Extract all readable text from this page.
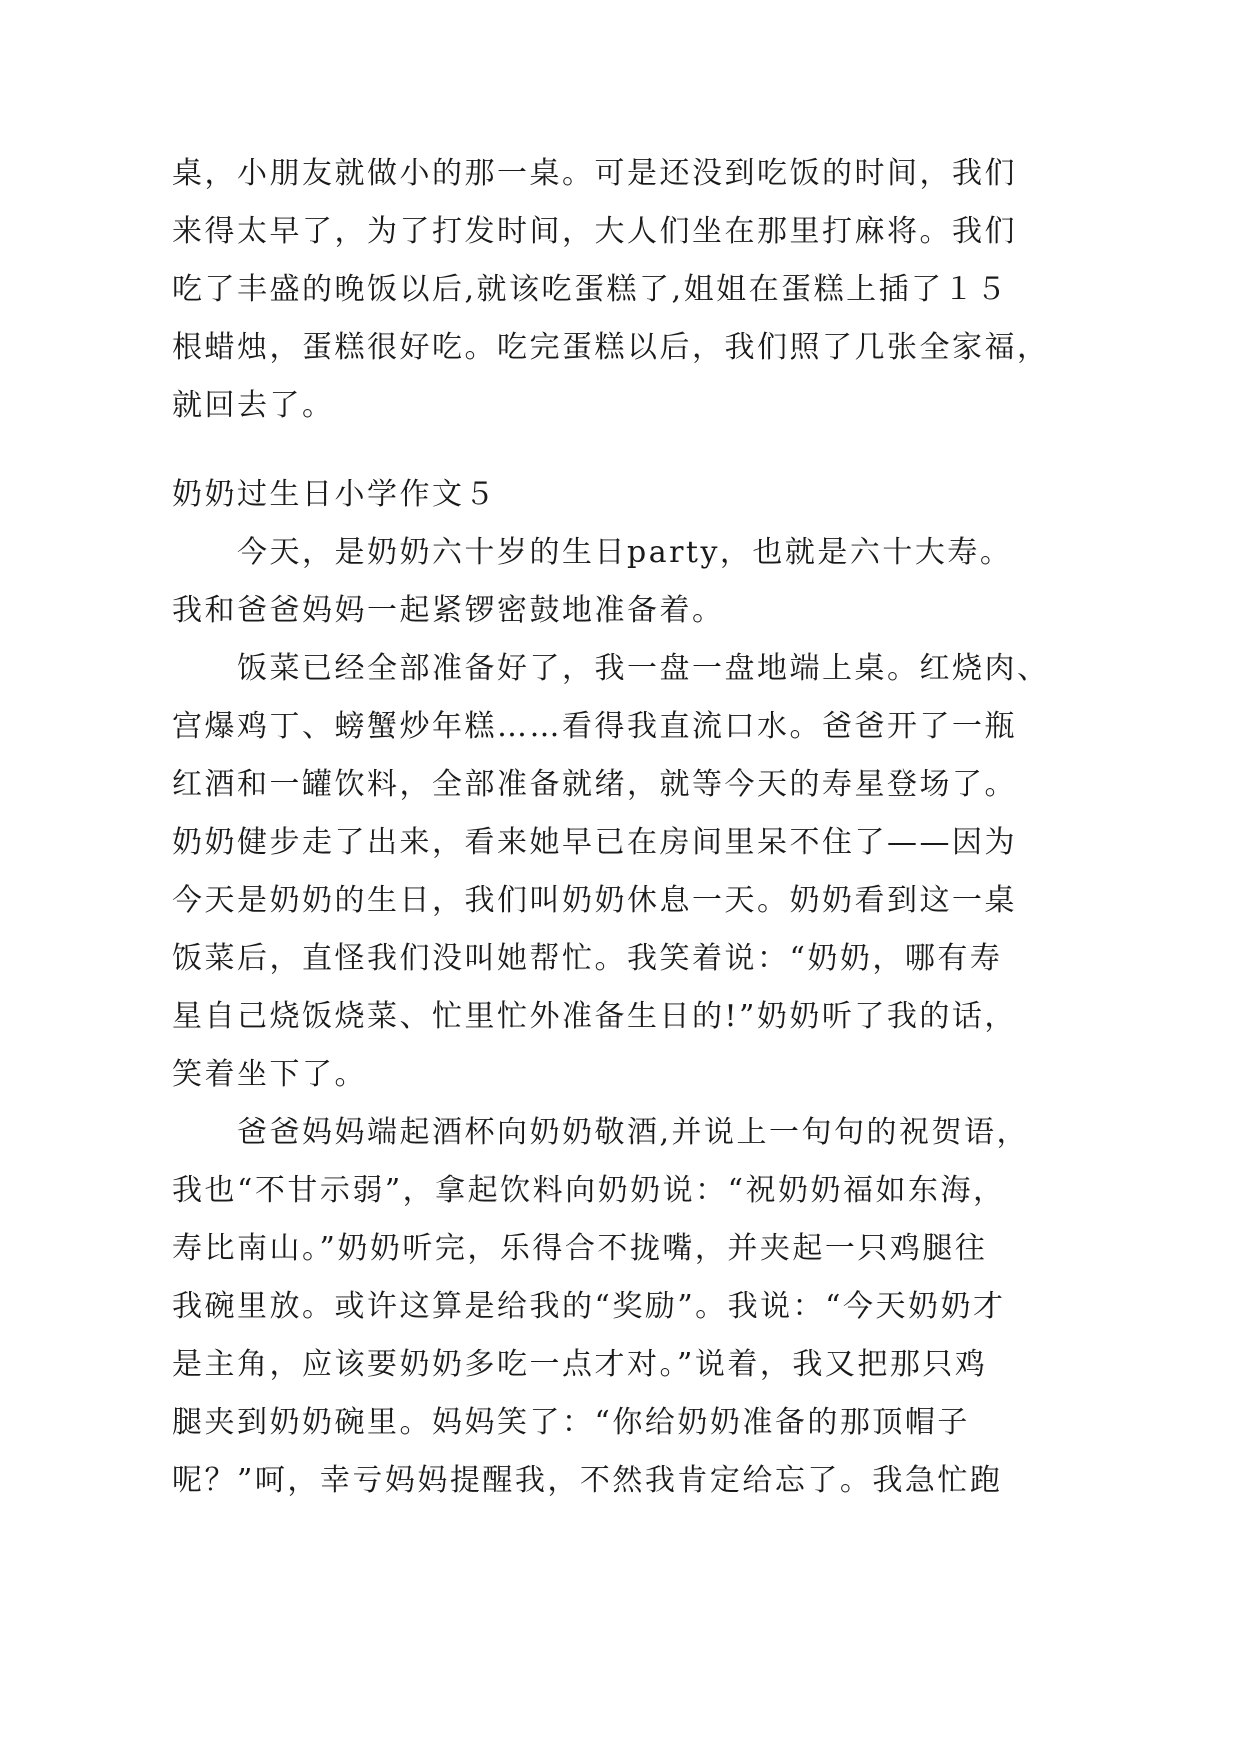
桌，小朋友就做小的那一桌。可是还没到吃饭的时间，我们
来得太早了，为了打发时间，大人们坐在那里打麻将。我们
吃了丰盛的晚饭以后,就该吃蛋糕了,姐姐在蛋糕上插了１５
根蜡烛，蛋糕很好吃。吃完蛋糕以后，我们照了几张全家福，
就回去了。
奶奶过生日小学作文５
　　今天，是奶奶六十岁的生日party，也就是六十大寿。
我和爸爸妈妈一起紧锣密鼓地准备着。
　　饭菜已经全部准备好了，我一盘一盘地端上桌。红烧肉、
宫爆鸡丁、螃蟹炒年糕……看得我直流口水。爸爸开了一瓶
红酒和一罐饮料，全部准备就绪，就等今天的寿星登场了。
奶奶健步走了出来，看来她早已在房间里呆不住了——因为
今天是奶奶的生日，我们叫奶奶休息一天。奶奶看到这一桌
饭菜后，直怪我们没叫她帮忙。我笑着说：“奶奶，哪有寿
星自己烧饭烧菜、忙里忙外准备生日的!”奶奶听了我的话，
笑着坐下了。
　　爸爸妈妈端起酒杯向奶奶敬酒,并说上一句句的祝贺语，
我也“不甘示弱”，拿起饮料向奶奶说：“祝奶奶福如东海，
寿比南山。”奶奶听完，乐得合不拢嘴，并夹起一只鸡腿往
我碗里放。或许这算是给我的“奖励”。我说：“今天奶奶才
是主角，应该要奶奶多吃一点才对。”说着，我又把那只鸡
腿夹到奶奶碗里。妈妈笑了：“你给奶奶准备的那顶帽子
呢？”呵，幸亏妈妈提醒我，不然我肯定给忘了。我急忙跑
